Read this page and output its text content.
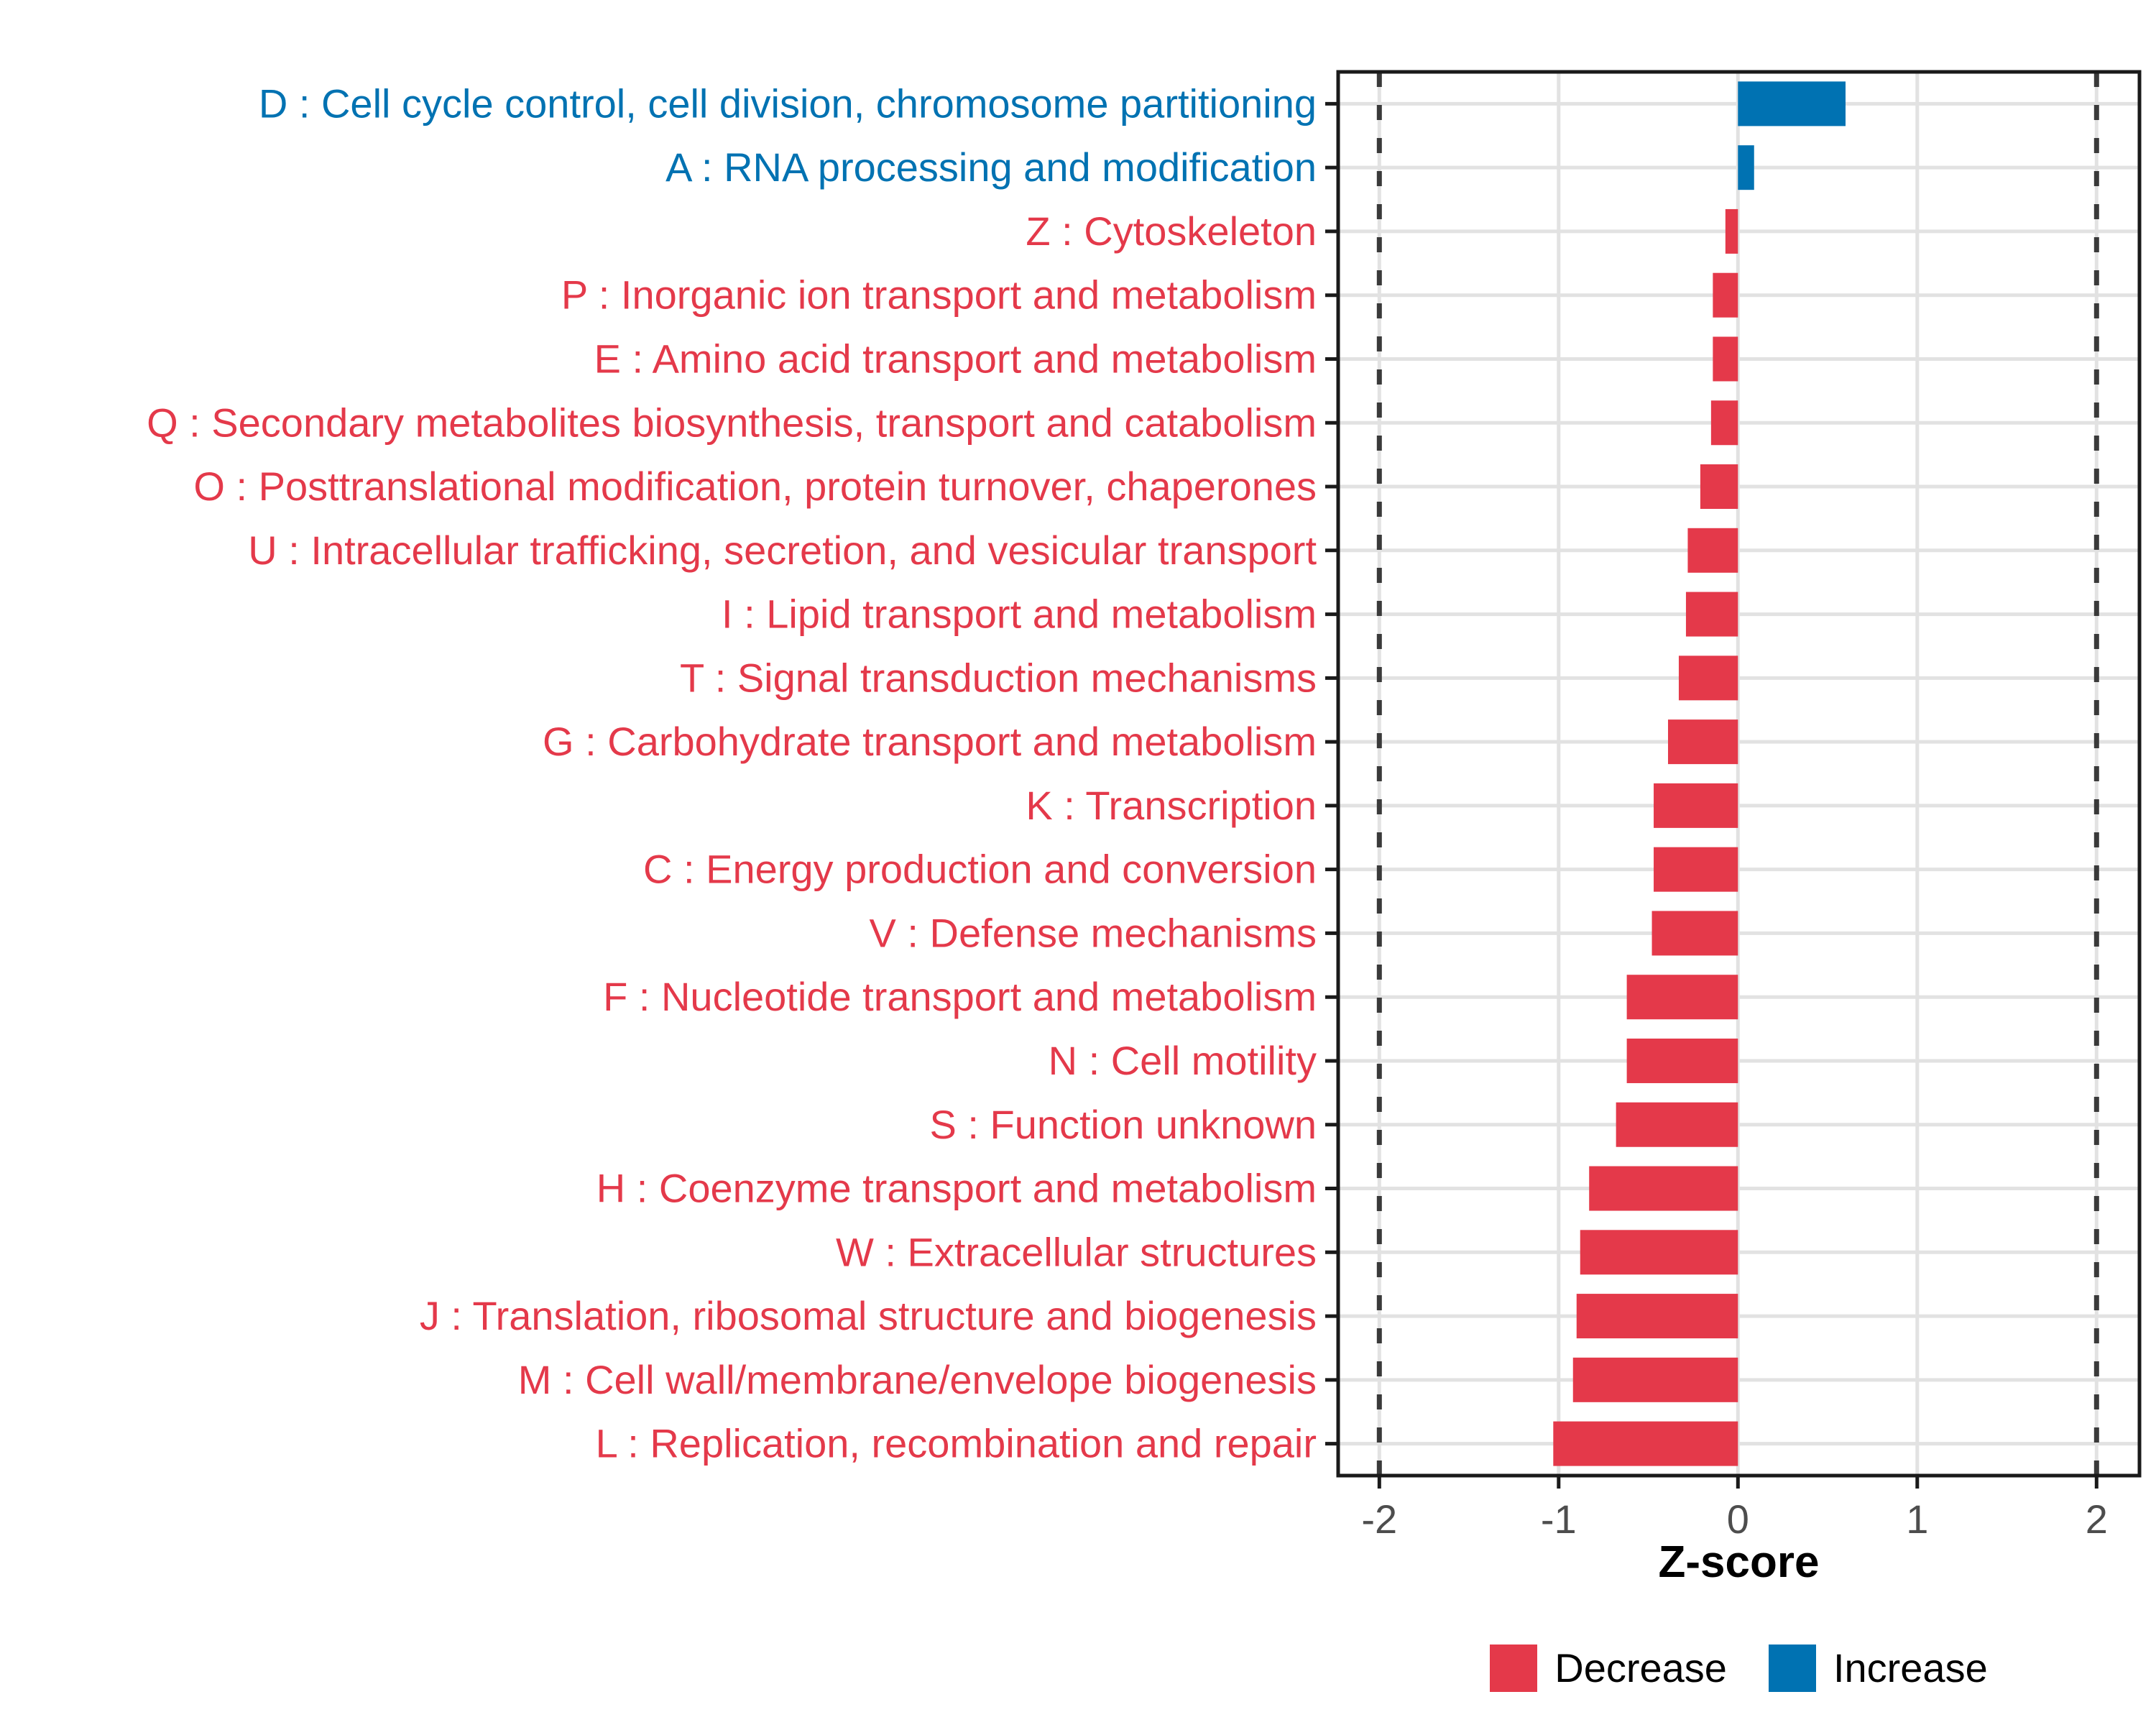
D : Cell cycle control, cell division, chromosome partitioning
A : RNA processing and modification
Z : Cytoskeleton
P : Inorganic ion transport and metabolism
E : Amino acid transport and metabolism
Q : Secondary metabolites biosynthesis, transport and catabolism
O : Posttranslational modification, protein turnover, chaperones
U : Intracellular trafficking, secretion, and vesicular transport
I : Lipid transport and metabolism
T : Signal transduction mechanisms
G : Carbohydrate transport and metabolism
K : Transcription
C : Energy production and conversion
V : Defense mechanisms
F : Nucleotide transport and metabolism
N : Cell motility
S : Function unknown
H : Coenzyme transport and metabolism
W : Extracellular structures
J : Translation, ribosomal structure and biogenesis
M : Cell wall/membrane/envelope biogenesis
L : Replication, recombination and repair
-2	-1	0	1	2
Z-score
Decrease	Increase
